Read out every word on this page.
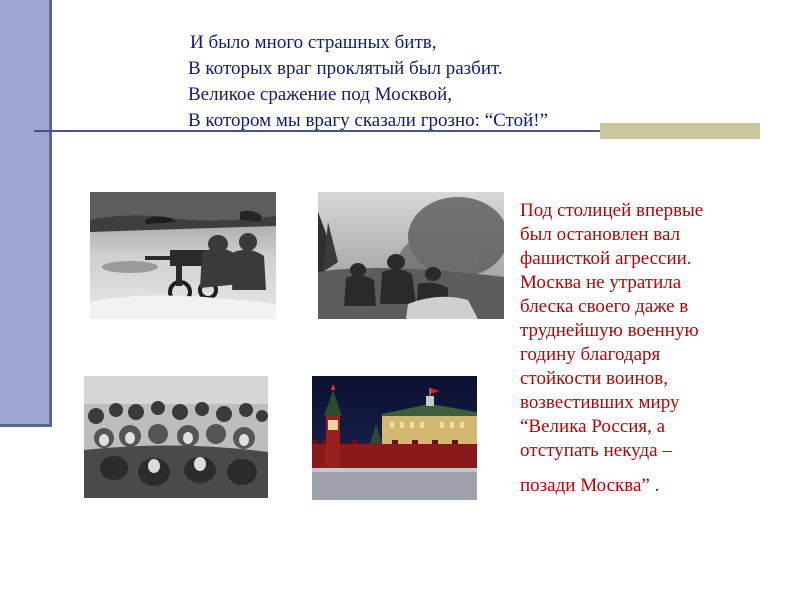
И было много страшных битв,
В которых враг проклятый был разбит.
Великое сражение под Москвой,
В котором мы врагу сказали грозно: “Стой!”
Под столицей впервые
был остановлен вал
фашисткой агрессии.
Москва не утратила
блеска своего даже в
труднейшую военную
годину благодаря
стойкости воинов,
возвестивших миру
“Велика Россия, а
отступать некуда –
позади Москва” .
